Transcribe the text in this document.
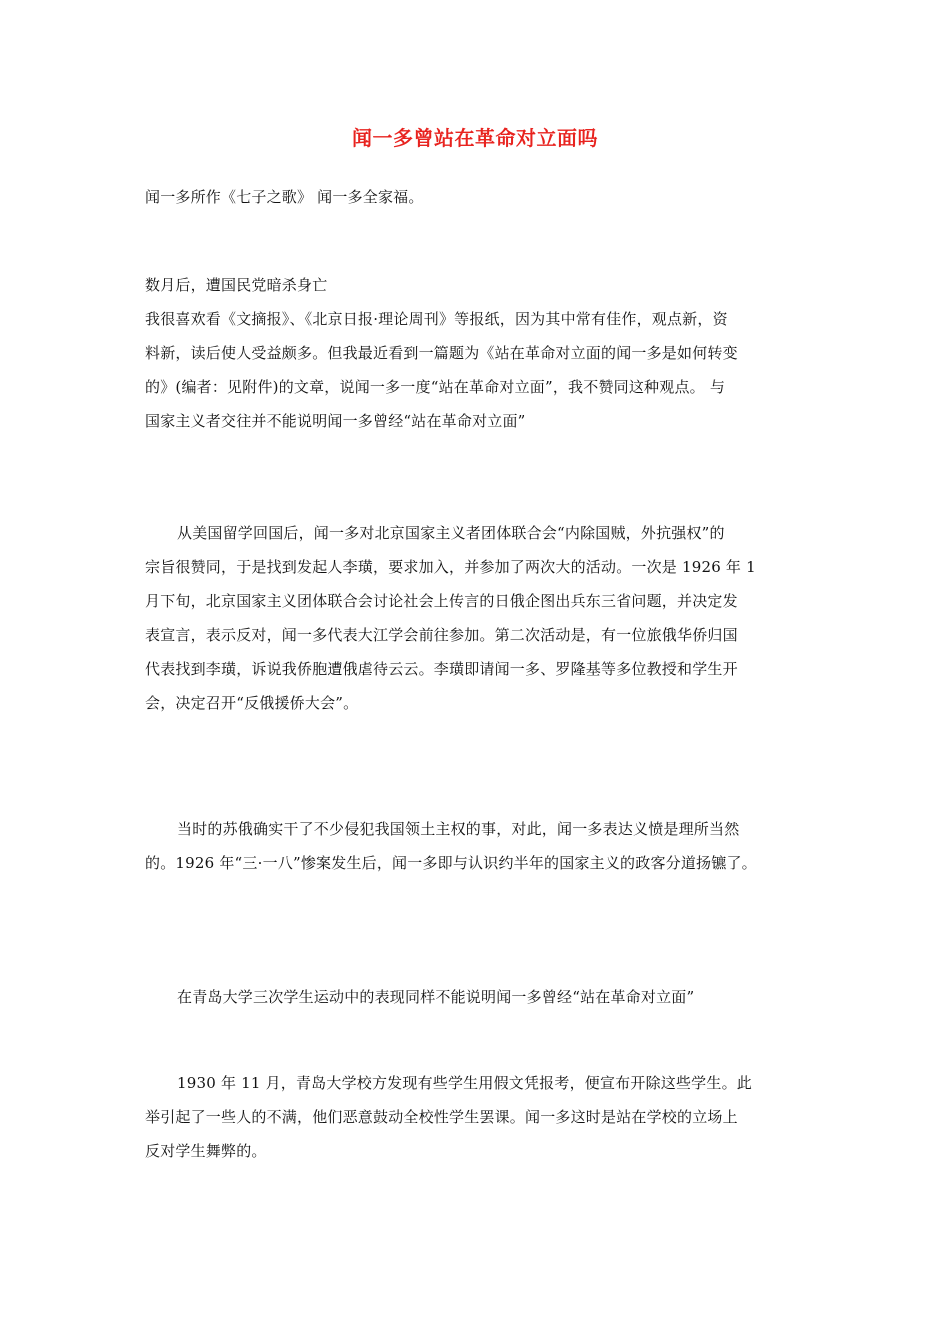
闻一多曾站在革命对立面吗

闻一多所作《七子之歌》 闻一多全家福。

数月后，遭国民党暗杀身亡
我很喜欢看《文摘报》、《北京日报·理论周刊》等报纸，因为其中常有佳作，观点新，资
料新，读后使人受益颇多。但我最近看到一篇题为《站在革命对立面的闻一多是如何转变
的》(编者：见附件)的文章，说闻一多一度“站在革命对立面”，我不赞同这种观点。 与
国家主义者交往并不能说明闻一多曾经“站在革命对立面”

从美国留学回国后，闻一多对北京国家主义者团体联合会“内除国贼，外抗强权”的
宗旨很赞同，于是找到发起人李璜，要求加入，并参加了两次大的活动。一次是 1926 年 1
月下旬，北京国家主义团体联合会讨论社会上传言的日俄企图出兵东三省问题，并决定发
表宣言，表示反对，闻一多代表大江学会前往参加。第二次活动是，有一位旅俄华侨归国
代表找到李璜，诉说我侨胞遭俄虐待云云。李璜即请闻一多、罗隆基等多位教授和学生开
会，决定召开“反俄援侨大会”。

当时的苏俄确实干了不少侵犯我国领土主权的事，对此，闻一多表达义愤是理所当然
的。1926 年“三·一八”惨案发生后，闻一多即与认识约半年的国家主义的政客分道扬镳了。

在青岛大学三次学生运动中的表现同样不能说明闻一多曾经“站在革命对立面”

1930 年 11 月，青岛大学校方发现有些学生用假文凭报考，便宣布开除这些学生。此
举引起了一些人的不满，他们恶意鼓动全校性学生罢课。闻一多这时是站在学校的立场上
反对学生舞弊的。
